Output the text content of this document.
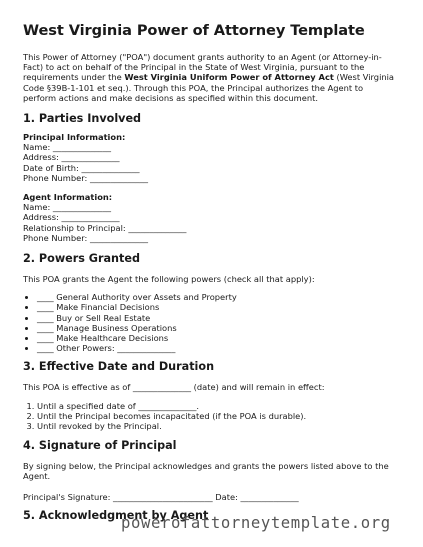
West Virginia Power of Attorney Template

This Power of Attorney ("POA") document grants authority to an Agent (or Attorney-in-Fact) to act on behalf of the Principal in the State of West Virginia, pursuant to the requirements under the West Virginia Uniform Power of Attorney Act (West Virginia Code §39B-1-101 et seq.). Through this POA, the Principal authorizes the Agent to perform actions and make decisions as specified within this document.

1. Parties Involved
Principal Information:
Name: ______________
Address: ______________
Date of Birth: ______________
Phone Number: ______________
Agent Information:
Name: ______________
Address: ______________
Relationship to Principal: ______________
Phone Number: ______________
2. Powers Granted

This POA grants the Agent the following powers (check all that apply):

• ____ General Authority over Assets and Property
• ____ Make Financial Decisions
• ____ Buy or Sell Real Estate
• ____ Manage Business Operations
• ____ Make Healthcare Decisions
• ____ Other Powers: ______________
3. Effective Date and Duration

This POA is effective as of ______________ (date) and will remain in effect:

1. Until a specified date of ______________.
2. Until the Principal becomes incapacitated (if the POA is durable).
3. Until revoked by the Principal.
4. Signature of Principal

By signing below, the Principal acknowledges and grants the powers listed above to the Agent.

Principal's Signature: ________________________ Date: ______________

5. Acknowledgment by Agent
powerofattorneytemplate.org
